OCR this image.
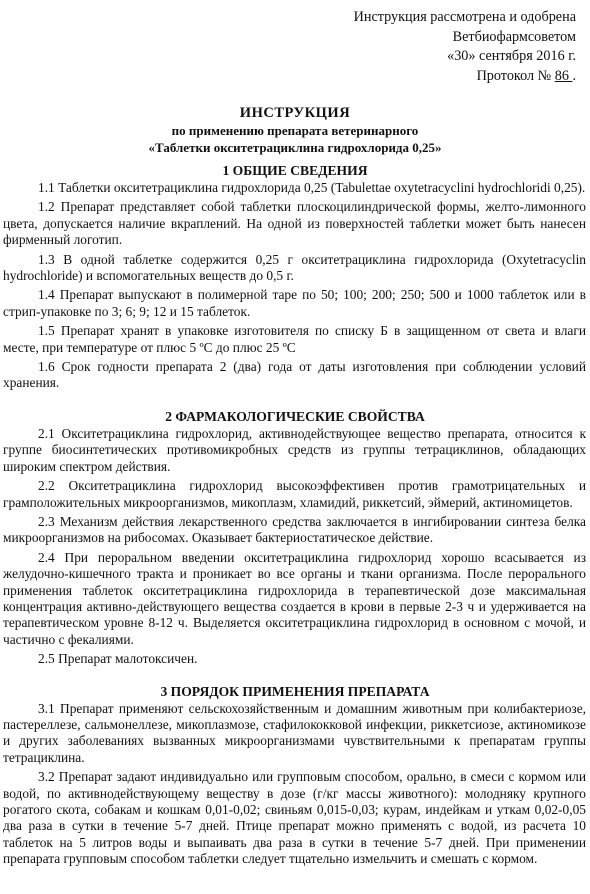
Инструкция рассмотрена и одобрена
Ветбиофармсоветом
«30» сентября 2016 г.
Протокол № 86 .
ИНСТРУКЦИЯ
по применению препарата ветеринарного
«Таблетки окситетрациклина гидрохлорида 0,25»
1 ОБЩИЕ СВЕДЕНИЯ

1.1 Таблетки окситетрациклина гидрохлорида 0,25 (Tabulettae oxytetracyclini hydrochloridi 0,25).

1.2 Препарат представляет собой таблетки плоскоцилиндрической формы, желто-лимонного цвета, допускается наличие вкраплений. На одной из поверхностей таблетки может быть нанесен фирменный логотип.

1.3 В одной таблетке содержится 0,25 г окситетрациклина гидрохлорида (Oxytetracyclin hydrochloride) и вспомогательных веществ до 0,5 г.

1.4 Препарат выпускают в полимерной таре по 50; 100; 200; 250; 500 и 1000 таблеток или в стрип-упаковке по 3; 6; 9; 12 и 15 таблеток.

1.5 Препарат хранят в упаковке изготовителя по списку Б в защищенном от света и влаги месте, при температуре от плюс 5 ºС до плюс 25 ºС

1.6 Срок годности препарата 2 (два) года от даты изготовления при соблюдении условий хранения.

2 ФАРМАКОЛОГИЧЕСКИЕ СВОЙСТВА

2.1 Окситетрациклина гидрохлорид, активнодействующее вещество препарата, относится к группе биосинтетических противомикробных средств из группы тетрациклинов, обладающих широким спектром действия.

2.2 Окситетрациклина гидрохлорид высокоэффективен против грамотрицательных и грамположительных микроорганизмов, микоплазм, хламидий, риккетсий, эймерий, актиномицетов.

2.3 Механизм действия лекарственного средства заключается в ингибировании синтеза белка микроорганизмов на рибосомах. Оказывает бактериостатическое действие.

2.4 При пероральном введении окситетрациклина гидрохлорид хорошо всасывается из желудочно-кишечного тракта и проникает во все органы и ткани организма. После перорального применения таблеток окситетрациклина гидрохлорида в терапевтической дозе максимальная концентрация активно-действующего вещества создается в крови в первые 2-3 ч и удерживается на терапевтическом уровне 8-12 ч. Выделяется окситетрациклина гидрохлорид в основном с мочой, и частично с фекалиями.

2.5 Препарат малотоксичен.

3 ПОРЯДОК ПРИМЕНЕНИЯ ПРЕПАРАТА

3.1 Препарат применяют сельскохозяйственным и домашним животным при колибактериозе, пастереллезе, сальмонеллезе, микоплазмозе, стафилококковой инфекции, риккетсиозе, актиномикозе и других заболеваниях вызванных микроорганизмами чувствительными к препаратам группы тетрациклина.

3.2 Препарат задают индивидуально или групповым способом, орально, в смеси с кормом или водой, по активнодействующему веществу в дозе (г/кг массы животного): молодняку крупного рогатого скота, собакам и кошкам 0,01-0,02; свиньям 0,015-0,03; курам, индейкам и уткам 0,02-0,05 два раза в сутки в течение 5-7 дней. Птице препарат можно применять с водой, из расчета 10 таблеток на 5 литров воды и выпаивать два раза в сутки в течение 5-7 дней. При применении препарата групповым способом таблетки следует тщательно измельчить и смешать с кормом.
